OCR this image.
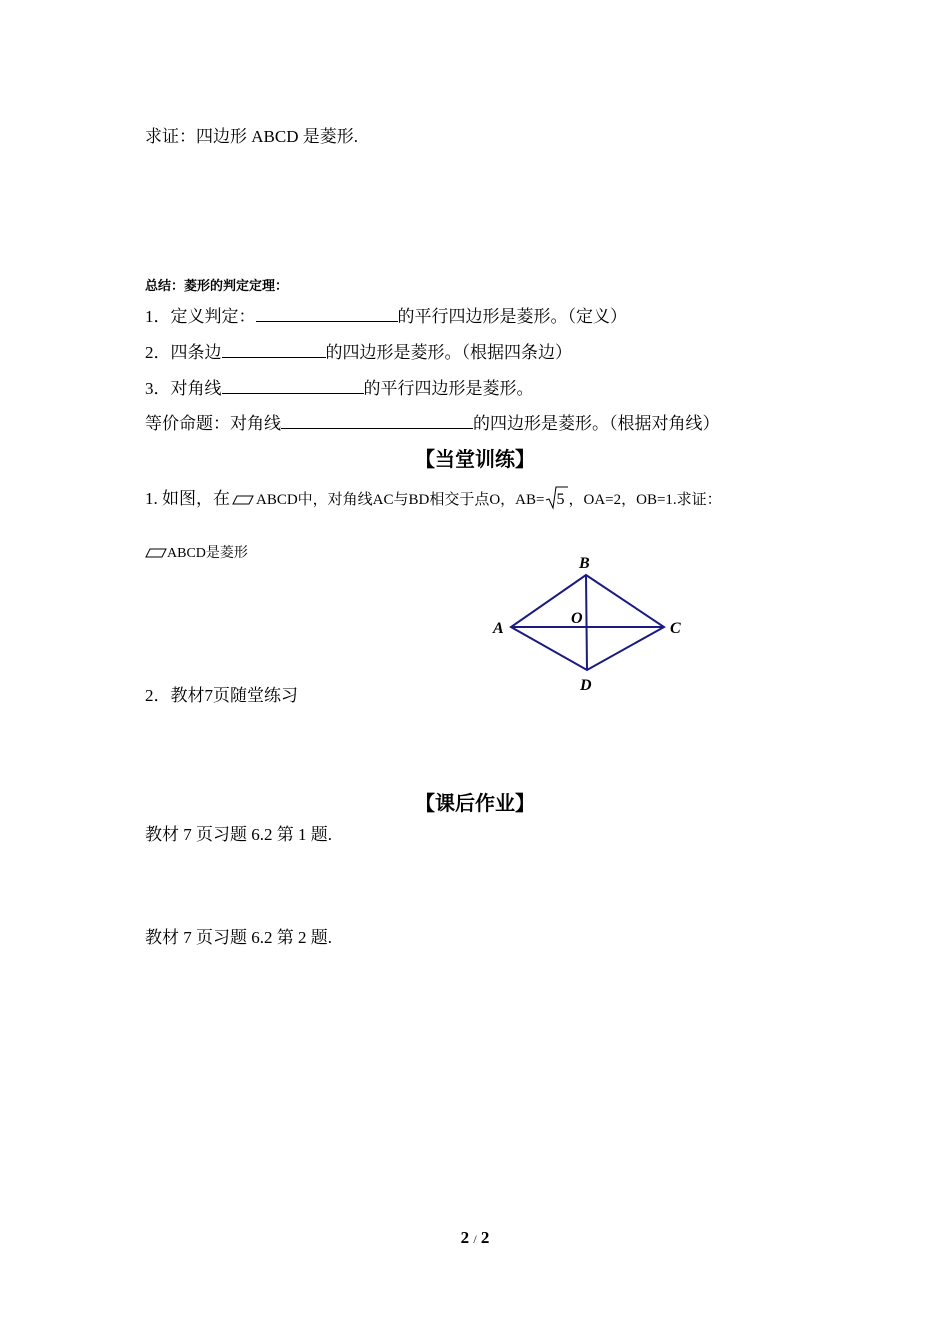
求证：四边形 ABCD 是菱形.
总结：菱形的判定定理：
1．定义判定：	的平行四边形是菱形。（定义）
2．四条边	的四边形是菱形。（根据四条边）
3．对角线	的平行四边形是菱形。
等价命题：对角线	的四边形是菱形。（根据对角线）
【当堂训练】
1. 如图，在 ABCD中，对角线AC与BD相交于点O，AB= 5 ，OA=2，OB=1.求证：
ABCD是菱形
B
A	C
D
O
2．教材7页随堂练习
【课后作业】
教材 7 页习题 6.2 第 1 题.
教材 7 页习题 6.2 第 2 题.
2 / 2
